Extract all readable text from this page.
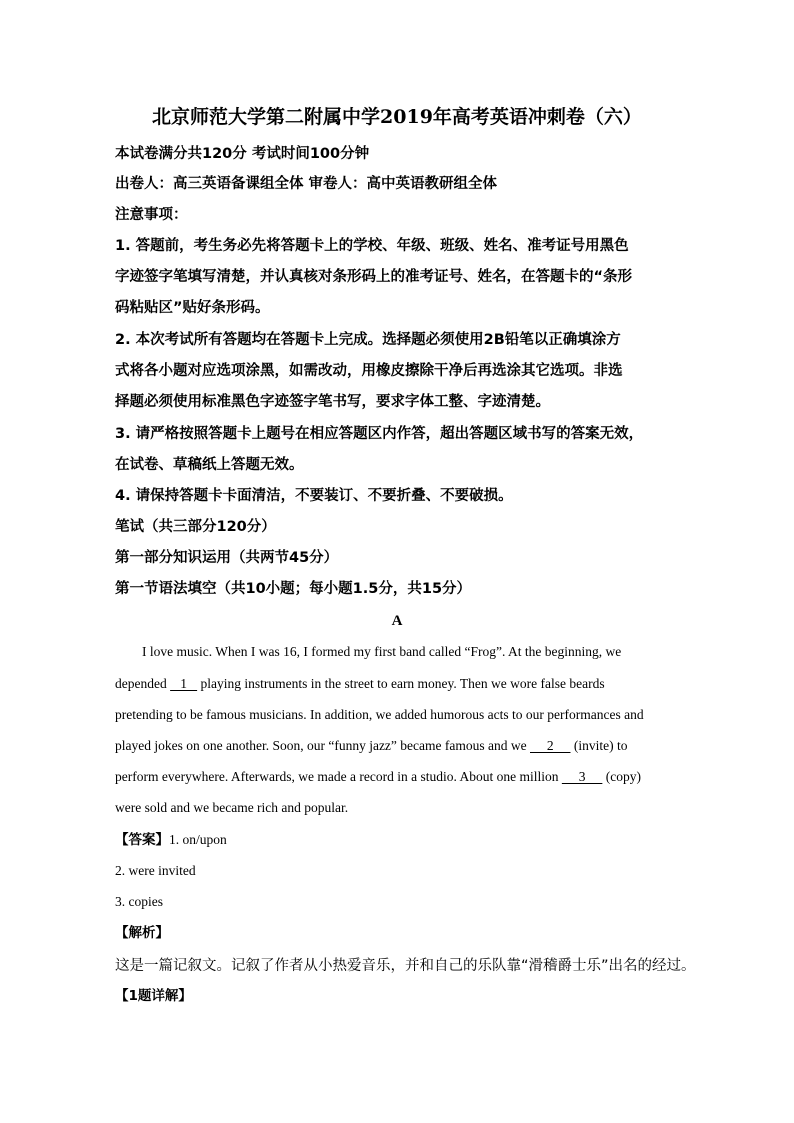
北京师范大学第二附属中学2019年高考英语冲刺卷（六）
本试卷满分共120分 考试时间100分钟
出卷人：高三英语备课组全体 审卷人：高中英语教研组全体
注意事项：
1. 答题前，考生务必先将答题卡上的学校、年级、班级、姓名、准考证号用黑色
字迹签字笔填写清楚，并认真核对条形码上的准考证号、姓名，在答题卡的“条形
码粘贴区”贴好条形码。
2. 本次考试所有答题均在答题卡上完成。选择题必须使用2B铅笔以正确填涂方
式将各小题对应选项涂黑，如需改动，用橡皮擦除干净后再选涂其它选项。非选
择题必须使用标准黑色字迹签字笔书写，要求字体工整、字迹清楚。
3. 请严格按照答题卡上题号在相应答题区内作答，超出答题区域书写的答案无效，
在试卷、草稿纸上答题无效。
4. 请保持答题卡卡面清洁，不要装订、不要折叠、不要破损。
笔试（共三部分120分）
第一部分知识运用（共两节45分）
第一节语法填空（共10小题；每小题1.5分，共15分）
A
I love music. When I was 16, I formed my first band called “Frog”. At the beginning, we
depended    1    playing instruments in the street to earn money. Then we wore false beards
pretending to be famous musicians. In addition, we added humorous acts to our performances and
played jokes on one another. Soon, our “funny jazz” became famous and we      2      (invite) to
perform everywhere. Afterwards, we made a record in a studio. About one million      3      (copy)
were sold and we became rich and popular.
【答案】1. on/upon
2. were invited
3. copies
【解析】
这是一篇记叙文。记叙了作者从小热爱音乐，并和自己的乐队靠“滑稽爵士乐”出名的经过。
【1题详解】
